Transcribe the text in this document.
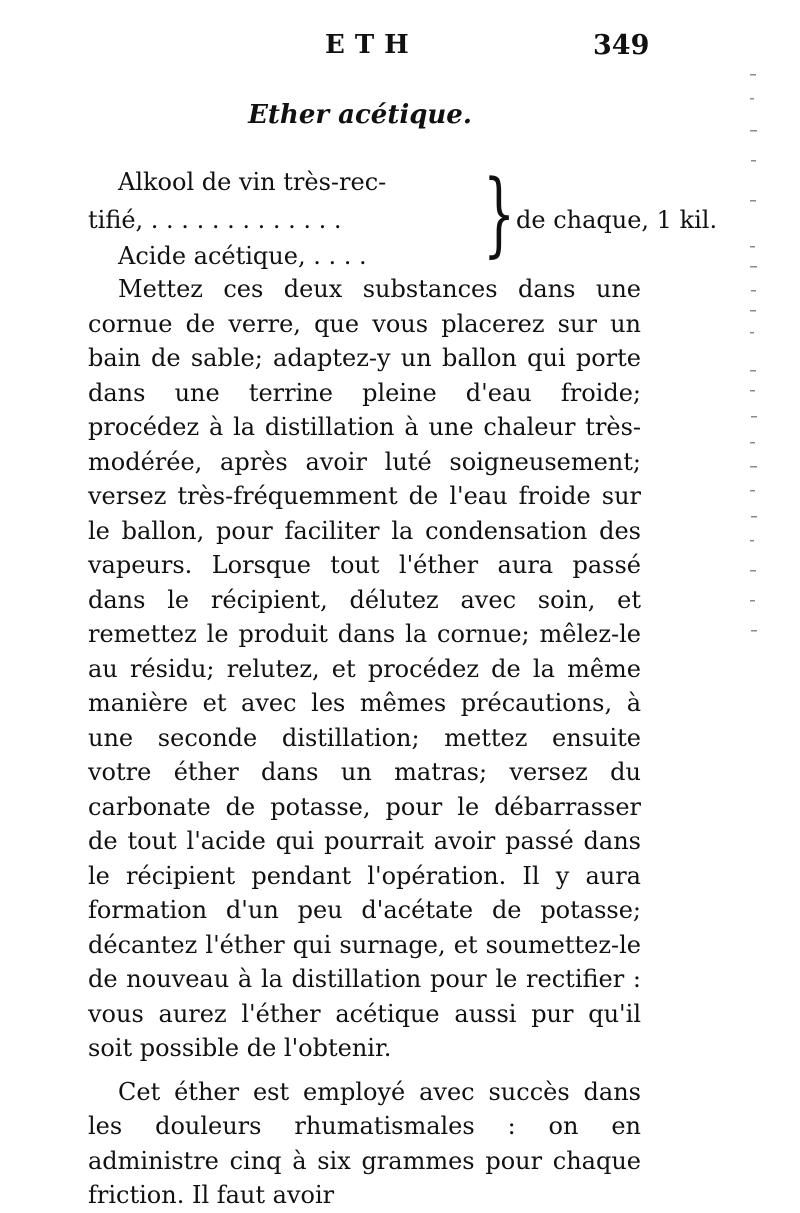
ETH	349
Ether acétique.
Alkool de vin très-rec-
tifié, . . . . . . . . . . . . .
Acide acétique, . . . . } de chaque, 1 kil.

Mettez ces deux substances dans une cornue de verre, que vous placerez sur un bain de sable; adaptez-y un ballon qui porte dans une terrine pleine d'eau froide; procédez à la distillation à une chaleur très-modérée, après avoir luté soigneusement; versez très-fréquemment de l'eau froide sur le ballon, pour faciliter la condensation des vapeurs. Lorsque tout l'éther aura passé dans le récipient, délutez avec soin, et remettez le produit dans la cornue; mêlez-le au résidu; relutez, et procédez de la même manière et avec les mêmes précautions, à une seconde distillation; mettez ensuite votre éther dans un matras; versez du carbonate de potasse, pour le débarrasser de tout l'acide qui pourrait avoir passé dans le récipient pendant l'opération. Il y aura formation d'un peu d'acétate de potasse; décantez l'éther qui surnage, et soumettez-le de nouveau à la distillation pour le rectifier : vous aurez l'éther acétique aussi pur qu'il soit possible de l'obtenir.

Cet éther est employé avec succès dans les douleurs rhumatismales : on en administre cinq à six grammes pour chaque friction. Il faut avoir
